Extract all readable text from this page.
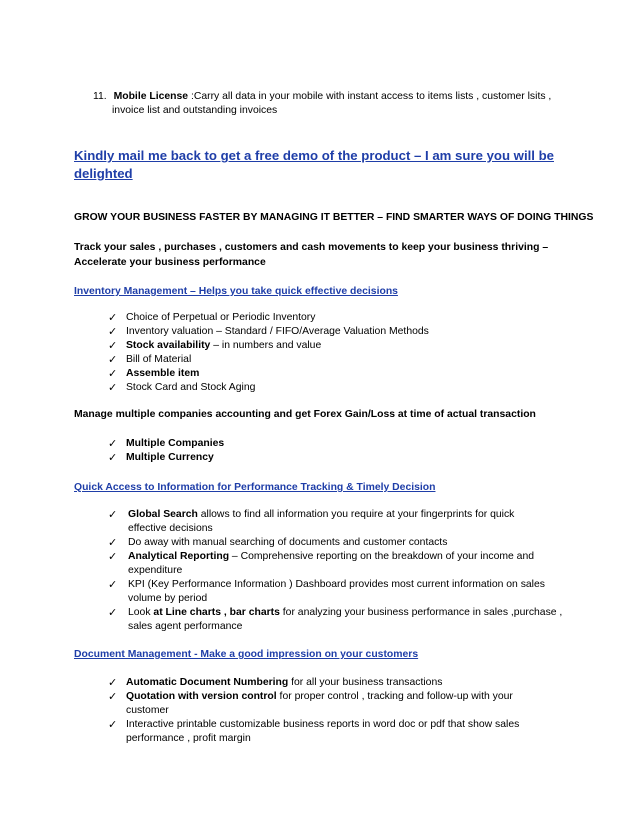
11. Mobile License :Carry all data in your mobile with instant access to items lists , customer lsits ,
invoice list and outstanding invoices
Kindly mail me back to get a free demo of the product – I am sure you will be
delighted
GROW YOUR BUSINESS FASTER BY MANAGING IT BETTER – FIND SMARTER WAYS OF DOING THINGS
Track your sales , purchases , customers and cash movements to keep your business thriving –
Accelerate your business performance
Inventory Management – Helps you take quick effective decisions
Manage multiple companies accounting and get Forex Gain/Loss at time of actual transaction
Quick Access to Information for Performance Tracking & Timely Decision
Document Management - Make a good impression on your customers
✓ Choice of Perpetual or Periodic Inventory
✓ Inventory valuation – Standard / FIFO/Average Valuation Methods
✓ Stock availability – in numbers and value
✓ Bill of Material
✓ Assemble item
✓ Stock Card and Stock Aging
✓ Multiple Companies
✓ Multiple Currency
✓ Global Search allows to find all information you require at your fingerprints for quick
effective decisions
✓ Do away with manual searching of documents and customer contacts
✓ Analytical Reporting – Comprehensive reporting on the breakdown of your income and
expenditure
✓ KPI (Key Performance Information ) Dashboard provides most current information on sales
volume by period
✓ Look at Line charts , bar charts for analyzing your business performance in sales ,purchase ,
sales agent performance
✓ Automatic Document Numbering for all your business transactions
✓ Quotation with version control for proper control , tracking and follow-up with your
customer
✓ Interactive printable customizable business reports in word doc or pdf that show sales
performance , profit margin
